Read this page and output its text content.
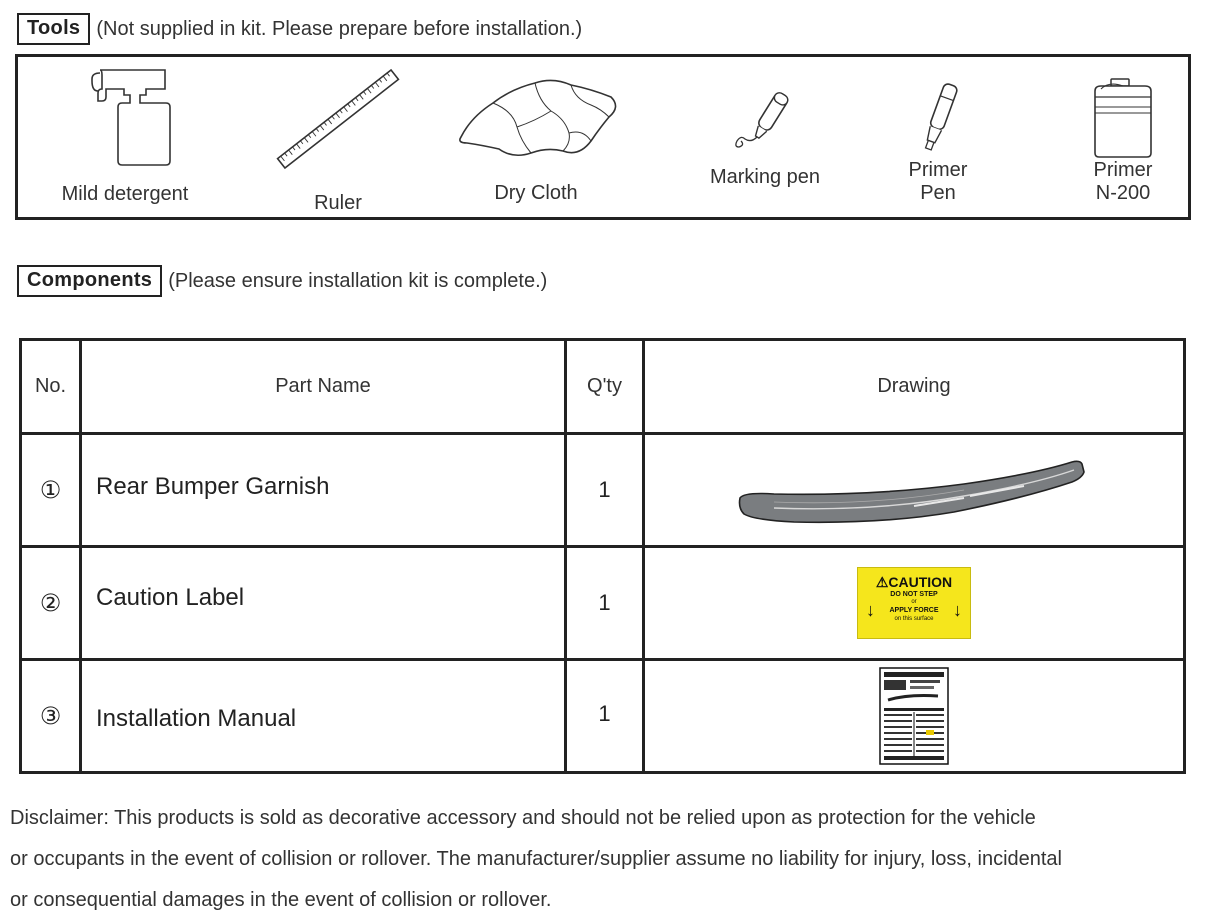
Tools (Not supplied in kit. Please prepare before installation.)
Mild detergent	Ruler	Dry Cloth
Marking pen	Primer
Pen
Primer
N-200
Components (Please ensure installation kit is complete.)
No.	Part Name	Q'ty	Drawing
①	Rear Bumper Garnish	1
②	Caution Label	1
⚠CAUTION
DO NOT STEP
or
APPLY FORCE
on this surface
↓	↓
③	Installation Manual	1
Disclaimer: This products is sold as decorative accessory and should not be relied upon as protection for the vehicle
or occupants in the event of collision or rollover. The manufacturer/supplier assume no liability for injury, loss, incidental
or consequential damages in the event of collision or rollover.
